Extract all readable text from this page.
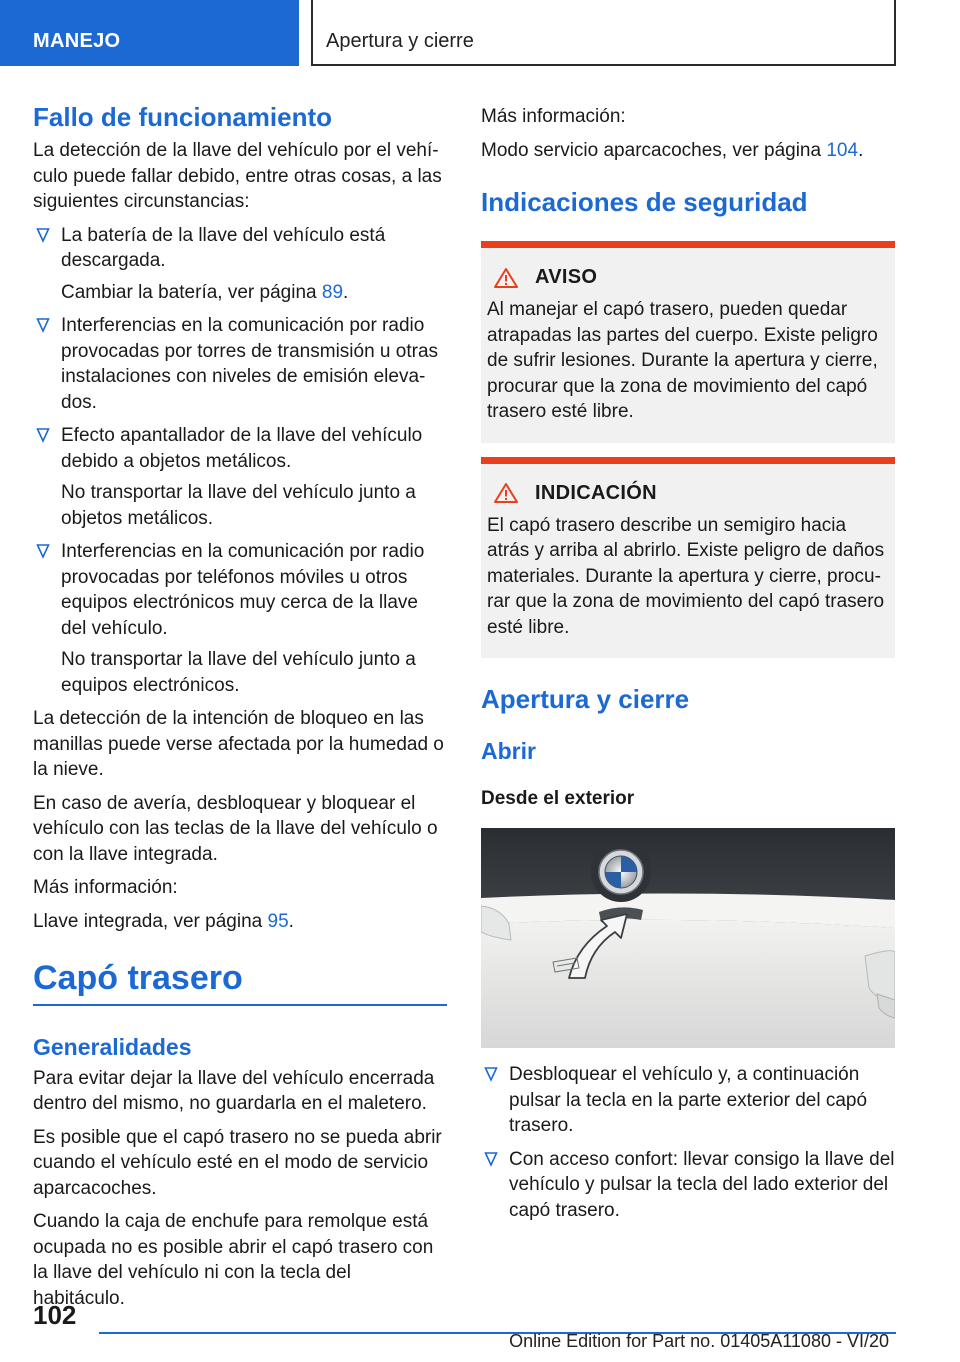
MANEJO	Apertura y cierre
Fallo de funcionamiento

La detección de la llave del vehículo por el vehículo puede fallar debido, entre otras cosas, a las siguientes circunstancias:

La batería de la llave del vehículo está descargada.

Cambiar la batería, ver página 89.

Interferencias en la comunicación por radio provocadas por torres de transmisión u otras instalaciones con niveles de emisión elevados.

Efecto apantallador de la llave del vehículo debido a objetos metálicos.

No transportar la llave del vehículo junto a objetos metálicos.

Interferencias en la comunicación por radio provocadas por teléfonos móviles u otros equipos electrónicos muy cerca de la llave del vehículo.

No transportar la llave del vehículo junto a equipos electrónicos.

La detección de la intención de bloqueo en las manillas puede verse afectada por la humedad o la nieve.

En caso de avería, desbloquear y bloquear el vehículo con las teclas de la llave del vehículo o con la llave integrada.

Más información:

Llave integrada, ver página 95.

Capó trasero
Generalidades

Para evitar dejar la llave del vehículo encerrada dentro del mismo, no guardarla en el maletero.

Es posible que el capó trasero no se pueda abrir cuando el vehículo esté en el modo de servicio aparcacoches.

Cuando la caja de enchufe para remolque está ocupada no es posible abrir el capó trasero con la llave del vehículo ni con la tecla del habitáculo.

Más información:

Modo servicio aparcacoches, ver página 104.

Indicaciones de seguridad
AVISO

Al manejar el capó trasero, pueden quedar atrapadas las partes del cuerpo. Existe peligro de sufrir lesiones. Durante la apertura y cierre, procurar que la zona de movimiento del capó trasero esté libre.

INDICACIÓN

El capó trasero describe un semigiro hacia atrás y arriba al abrirlo. Existe peligro de daños materiales. Durante la apertura y cierre, procurar que la zona de movimiento del capó trasero esté libre.

Apertura y cierre
Abrir
Desde el exterior

Desbloquear el vehículo y, a continuación pulsar la tecla en la parte exterior del capó trasero.

Con acceso confort: llevar consigo la llave del vehículo y pulsar la tecla del lado exterior del capó trasero.

102
Online Edition for Part no. 01405A11080 - VI/20
